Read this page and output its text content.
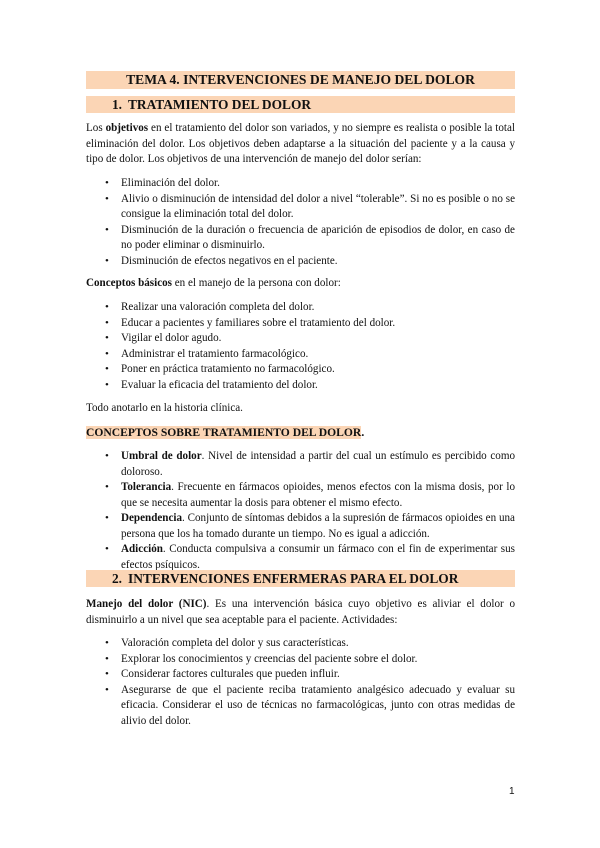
TEMA 4. INTERVENCIONES DE MANEJO DEL DOLOR
1. TRATAMIENTO DEL DOLOR
Los objetivos en el tratamiento del dolor son variados, y no siempre es realista o posible la total eliminación del dolor. Los objetivos deben adaptarse a la situación del paciente y a la causa y tipo de dolor. Los objetivos de una intervención de manejo del dolor serían:
• Eliminación del dolor.
• Alivio o disminución de intensidad del dolor a nivel “tolerable”. Si no es posible o no se consigue la eliminación total del dolor.
• Disminución de la duración o frecuencia de aparición de episodios de dolor, en caso de no poder eliminar o disminuirlo.
• Disminución de efectos negativos en el paciente.
Conceptos básicos en el manejo de la persona con dolor:
• Realizar una valoración completa del dolor.
• Educar a pacientes y familiares sobre el tratamiento del dolor.
• Vigilar el dolor agudo.
• Administrar el tratamiento farmacológico.
• Poner en práctica tratamiento no farmacológico.
• Evaluar la eficacia del tratamiento del dolor.
Todo anotarlo en la historia clínica.
CONCEPTOS SOBRE TRATAMIENTO DEL DOLOR.
• Umbral de dolor. Nivel de intensidad a partir del cual un estímulo es percibido como doloroso.
• Tolerancia. Frecuente en fármacos opioides, menos efectos con la misma dosis, por lo que se necesita aumentar la dosis para obtener el mismo efecto.
• Dependencia. Conjunto de síntomas debidos a la supresión de fármacos opioides en una persona que los ha tomado durante un tiempo. No es igual a adicción.
• Adicción. Conducta compulsiva a consumir un fármaco con el fin de experimentar sus efectos psíquicos.
2. INTERVENCIONES ENFERMERAS PARA EL DOLOR
Manejo del dolor (NIC). Es una intervención básica cuyo objetivo es aliviar el dolor o disminuirlo a un nivel que sea aceptable para el paciente. Actividades:
• Valoración completa del dolor y sus características.
• Explorar los conocimientos y creencias del paciente sobre el dolor.
• Considerar factores culturales que pueden influir.
• Asegurarse de que el paciente reciba tratamiento analgésico adecuado y evaluar su eficacia. Considerar el uso de técnicas no farmacológicas, junto con otras medidas de alivio del dolor.
1
